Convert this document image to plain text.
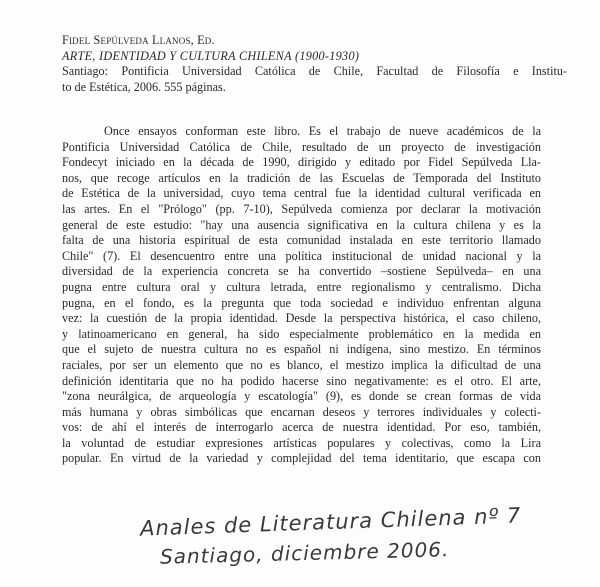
Fidel Sepúlveda Llanos, Ed.
ARTE, IDENTIDAD Y CULTURA CHILENA (1900-1930)
Santiago: Pontificia Universidad Católica de Chile, Facultad de Filosofía e Institu-
to de Estética, 2006. 555 páginas.
Once ensayos conforman este libro. Es el trabajo de nueve académicos de la
Pontificia Universidad Católica de Chile, resultado de un proyecto de investigación
Fondecyt iniciado en la década de 1990, dirigido y editado por Fidel Sepúlveda Lla-
nos, que recoge artículos en la tradición de las Escuelas de Temporada del Instituto
de Estética de la universidad, cuyo tema central fue la identidad cultural verificada en
las artes. En el "Prólogo" (pp. 7-10), Sepúlveda comienza por declarar la motivación
general de este estudio: "hay una ausencia significativa en la cultura chilena y es la
falta de una historia espiritual de esta comunidad instalada en este territorio llamado
Chile" (7). El desencuentro entre una política institucional de unidad nacional y la
diversidad de la experiencia concreta se ha convertido –sostiene Sepúlveda– en una
pugna entre cultura oral y cultura letrada, entre regionalismo y centralismo. Dicha
pugna, en el fondo, es la pregunta que toda sociedad e individuo enfrentan alguna
vez: la cuestión de la propia identidad. Desde la perspectiva histórica, el caso chileno,
y latinoamericano en general, ha sido especialmente problemático en la medida en
que el sujeto de nuestra cultura no es español ni indígena, sino mestizo. En términos
raciales, por ser un elemento que no es blanco, el mestizo implica la dificultad de una
definición identitaria que no ha podido hacerse sino negativamente: es el otro. El arte,
"zona neurálgica, de arqueología y escatología" (9), es donde se crean formas de vida
más humana y obras simbólicas que encarnan deseos y terrores individuales y colecti-
vos: de ahí el interés de interrogarlo acerca de nuestra identidad. Por eso, también,
la voluntad de estudiar expresiones artísticas populares y colectivas, como la Lira
popular. En virtud de la variedad y complejidad del tema identitario, que escapa con
Anales de Literatura Chilena nº 7
Santiago, diciembre 2006.
